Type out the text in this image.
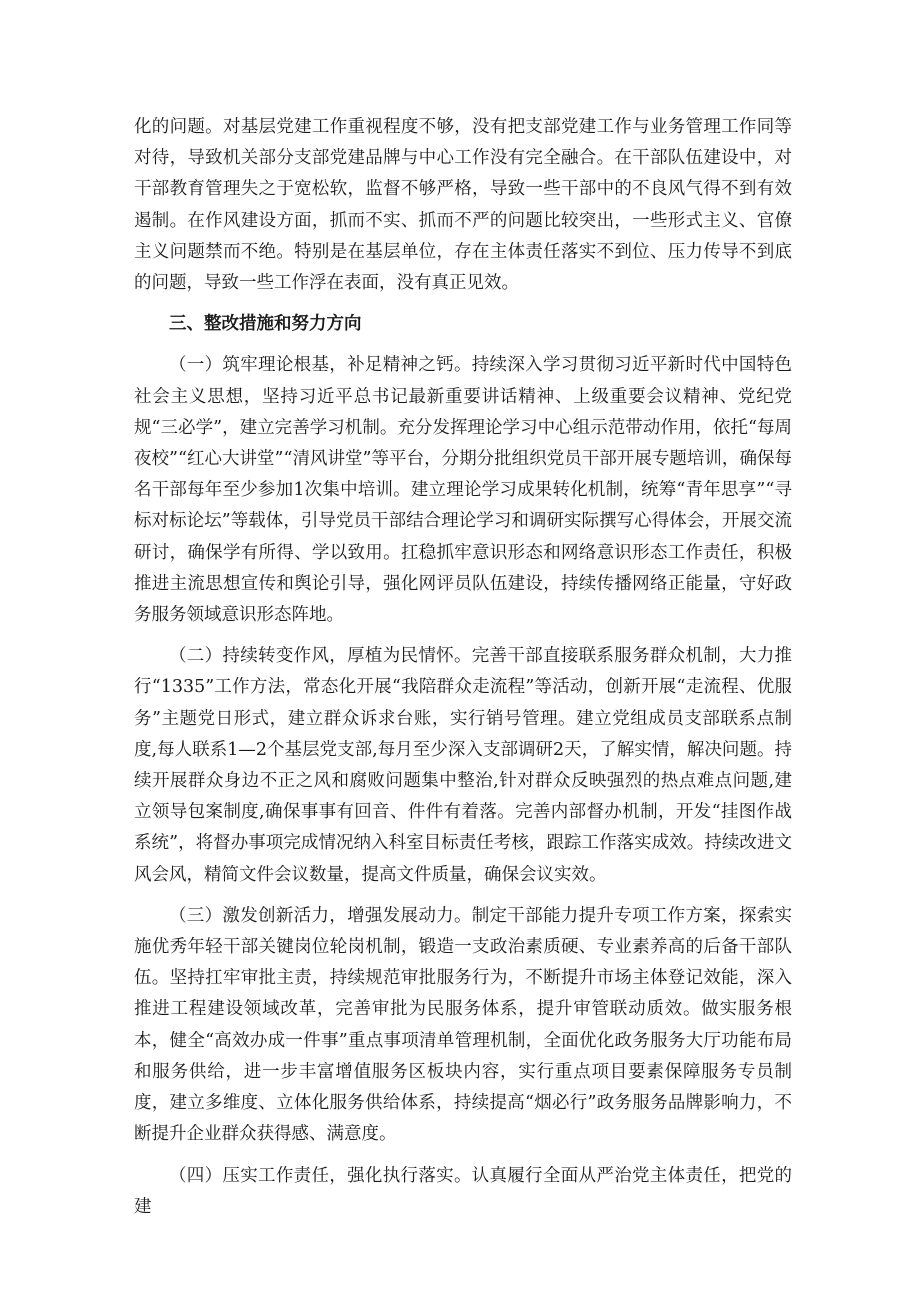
化的问题。对基层党建工作重视程度不够，没有把支部党建工作与业务管理工作同等对待，导致机关部分支部党建品牌与中心工作没有完全融合。在干部队伍建设中，对干部教育管理失之于宽松软，监督不够严格，导致一些干部中的不良风气得不到有效遏制。在作风建设方面，抓而不实、抓而不严的问题比较突出，一些形式主义、官僚主义问题禁而不绝。特别是在基层单位，存在主体责任落实不到位、压力传导不到底的问题，导致一些工作浮在表面，没有真正见效。

三、整改措施和努力方向

（一）筑牢理论根基，补足精神之钙。持续深入学习贯彻习近平新时代中国特色社会主义思想，坚持习近平总书记最新重要讲话精神、上级重要会议精神、党纪党规“三必学”，建立完善学习机制。充分发挥理论学习中心组示范带动作用，依托“每周夜校”“红心大讲堂”“清风讲堂”等平台，分期分批组织党员干部开展专题培训，确保每名干部每年至少参加1次集中培训。建立理论学习成果转化机制，统筹“青年思享”“寻标对标论坛”等载体，引导党员干部结合理论学习和调研实际撰写心得体会，开展交流研讨，确保学有所得、学以致用。扛稳抓牢意识形态和网络意识形态工作责任，积极推进主流思想宣传和舆论引导，强化网评员队伍建设，持续传播网络正能量，守好政务服务领域意识形态阵地。

（二）持续转变作风，厚植为民情怀。完善干部直接联系服务群众机制，大力推行“1335”工作方法，常态化开展“我陪群众走流程”等活动，创新开展“走流程、优服务”主题党日形式，建立群众诉求台账，实行销号管理。建立党组成员支部联系点制度,每人联系1—2个基层党支部,每月至少深入支部调研2天，了解实情，解决问题。持续开展群众身边不正之风和腐败问题集中整治,针对群众反映强烈的热点难点问题,建立领导包案制度,确保事事有回音、件件有着落。完善内部督办机制，开发“挂图作战系统”，将督办事项完成情况纳入科室目标责任考核，跟踪工作落实成效。持续改进文风会风，精简文件会议数量，提高文件质量，确保会议实效。

（三）激发创新活力，增强发展动力。制定干部能力提升专项工作方案，探索实施优秀年轻干部关键岗位轮岗机制，锻造一支政治素质硬、专业素养高的后备干部队伍。坚持扛牢审批主责，持续规范审批服务行为，不断提升市场主体登记效能，深入推进工程建设领域改革，完善审批为民服务体系，提升审管联动质效。做实服务根本，健全“高效办成一件事”重点事项清单管理机制，全面优化政务服务大厅功能布局和服务供给，进一步丰富增值服务区板块内容，实行重点项目要素保障服务专员制度，建立多维度、立体化服务供给体系，持续提高“烟必行”政务服务品牌影响力，不断提升企业群众获得感、满意度。

（四）压实工作责任，强化执行落实。认真履行全面从严治党主体责任，把党的建
